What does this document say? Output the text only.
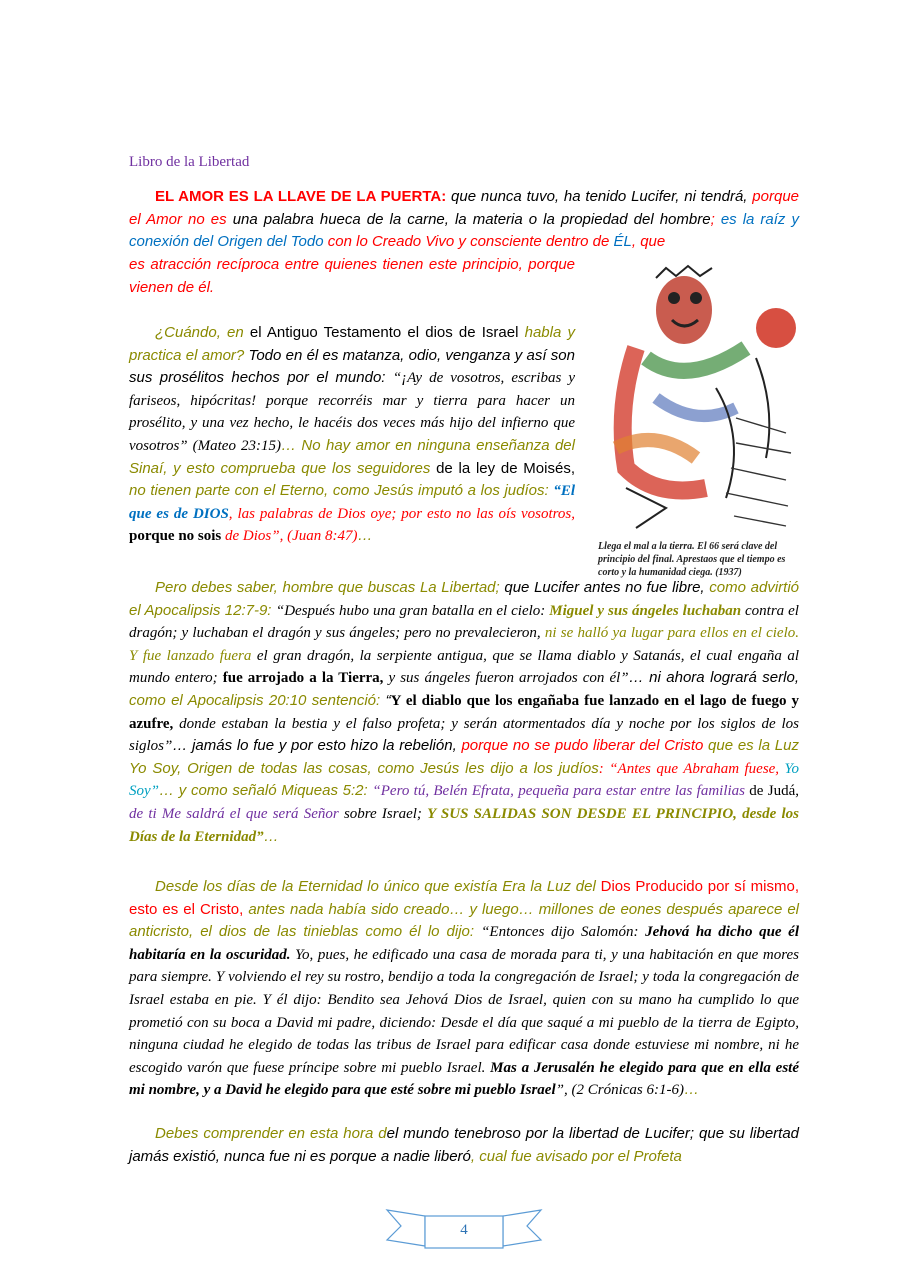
Libro de la Libertad

EL AMOR ES LA LLAVE DE LA PUERTA: que nunca tuvo, ha tenido Lucifer, ni tendrá, porque el Amor no es una palabra hueca de la carne, la materia o la propiedad del hombre; es la raíz y conexión del Origen del Todo con lo Creado Vivo y consciente dentro de ÉL, que

es atracción recíproca entre quienes tienen este principio, porque vienen de él.

¿Cuándo, en el Antiguo Testamento el dios de Israel habla y practica el amor? Todo en él es matanza, odio, venganza y así son sus prosélitos hechos por el mundo: “¡Ay de vosotros, escribas y fariseos, hipócritas! porque recorréis mar y tierra para hacer un prosélito, y una vez hecho, le hacéis dos veces más hijo del infierno que vosotros” (Mateo 23:15)… No hay amor en ninguna enseñanza del Sinaí, y esto comprueba que los seguidores de la ley de Moisés, no tienen parte con el Eterno, como Jesús imputó a los judíos: “El que es de DIOS, las palabras de Dios oye; por esto no las oís vosotros, porque no sois de Dios”, (Juan 8:47)…

Llega el mal a la tierra. El 66 será clave del principio del final. Aprestaos que el tiempo es corto y la humanidad ciega. (1937)

Pero debes saber, hombre que buscas La Libertad; que Lucifer antes no fue libre, como advirtió el Apocalipsis 12:7-9: “Después hubo una gran batalla en el cielo: Miguel y sus ángeles luchaban contra el dragón; y luchaban el dragón y sus ángeles; pero no prevalecieron, ni se halló ya lugar para ellos en el cielo. Y fue lanzado fuera el gran dragón, la serpiente antigua, que se llama diablo y Satanás, el cual engaña al mundo entero; fue arrojado a la Tierra, y sus ángeles fueron arrojados con él”… ni ahora logrará serlo, como el Apocalipsis 20:10 sentenció: “Y el diablo que los engañaba fue lanzado en el lago de fuego y azufre, donde estaban la bestia y el falso profeta; y serán atormentados día y noche por los siglos de los siglos”… jamás lo fue y por esto hizo la rebelión, porque no se pudo liberar del Cristo que es la Luz Yo Soy, Origen de todas las cosas, como Jesús les dijo a los judíos: “Antes que Abraham fuese, Yo Soy”… y como señaló Miqueas 5:2: “Pero tú, Belén Efrata, pequeña para estar entre las familias de Judá, de ti Me saldrá el que será Señor sobre Israel; Y SUS SALIDAS SON DESDE EL PRINCIPIO, desde los Días de la Eternidad”…

Desde los días de la Eternidad lo único que existía Era la Luz del Dios Producido por sí mismo, esto es el Cristo, antes nada había sido creado… y luego… millones de eones después aparece el anticristo, el dios de las tinieblas como él lo dijo: “Entonces dijo Salomón: Jehová ha dicho que él habitaría en la oscuridad. Yo, pues, he edificado una casa de morada para ti, y una habitación en que mores para siempre. Y volviendo el rey su rostro, bendijo a toda la congregación de Israel; y toda la congregación de Israel estaba en pie. Y él dijo: Bendito sea Jehová Dios de Israel, quien con su mano ha cumplido lo que prometió con su boca a David mi padre, diciendo: Desde el día que saqué a mi pueblo de la tierra de Egipto, ninguna ciudad he elegido de todas las tribus de Israel para edificar casa donde estuviese mi nombre, ni he escogido varón que fuese príncipe sobre mi pueblo Israel. Mas a Jerusalén he elegido para que en ella esté mi nombre, y a David he elegido para que esté sobre mi pueblo Israel”, (2 Crónicas 6:1-6)…

Debes comprender en esta hora del mundo tenebroso por la libertad de Lucifer; que su libertad jamás existió, nunca fue ni es porque a nadie liberó, cual fue avisado por el Profeta

4
